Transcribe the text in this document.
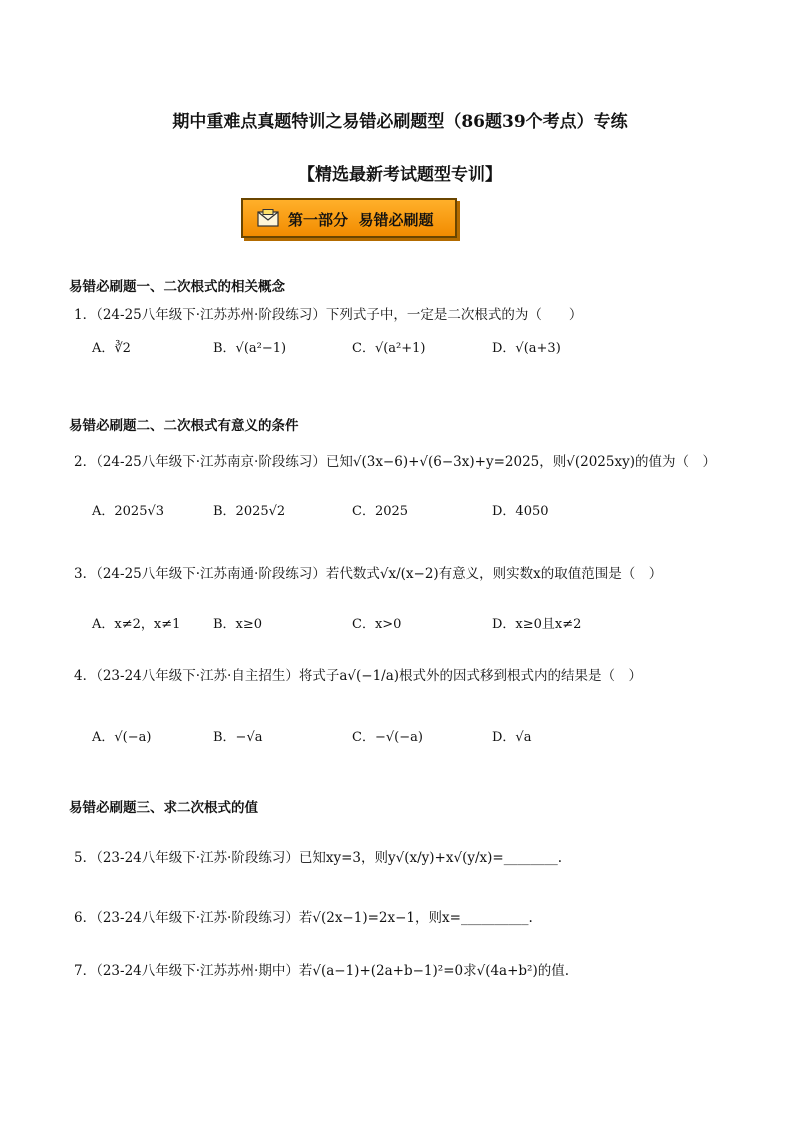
期中重难点真题特训之易错必刷题型（86题39个考点）专练
【精选最新考试题型专训】
第一部分  易错必刷题
易错必刷题一、二次根式的相关概念
1．（24-25八年级下·江苏苏州·阶段练习）下列式子中，一定是二次根式的为（　　）
A．∛2	B．√(a²−1)	C．√(a²+1)	D．√(a+3)
易错必刷题二、二次根式有意义的条件
2．（24-25八年级下·江苏南京·阶段练习）已知√(3x−6)+√(6−3x)+y=2025，则√(2025xy)的值为（　）
A．2025√3	B．2025√2	C．2025	D．4050
3．（24-25八年级下·江苏南通·阶段练习）若代数式√x/(x−2)有意义，则实数x的取值范围是（　）
A．x≠2，x≠1	B．x≥0	C．x>0	D．x≥0且x≠2
4．（23-24八年级下·江苏·自主招生）将式子a√(−1/a)根式外的因式移到根式内的结果是（　）
A．√(−a)	B．−√a	C．−√(−a)	D．√a
易错必刷题三、求二次根式的值
5．（23-24八年级下·江苏·阶段练习）已知xy=3，则y√(x/y)+x√(y/x)=________.
6．（23-24八年级下·江苏·阶段练习）若√(2x−1)=2x−1，则x=__________.
7．（23-24八年级下·江苏苏州·期中）若√(a−1)+(2a+b−1)²=0求√(4a+b²)的值.
